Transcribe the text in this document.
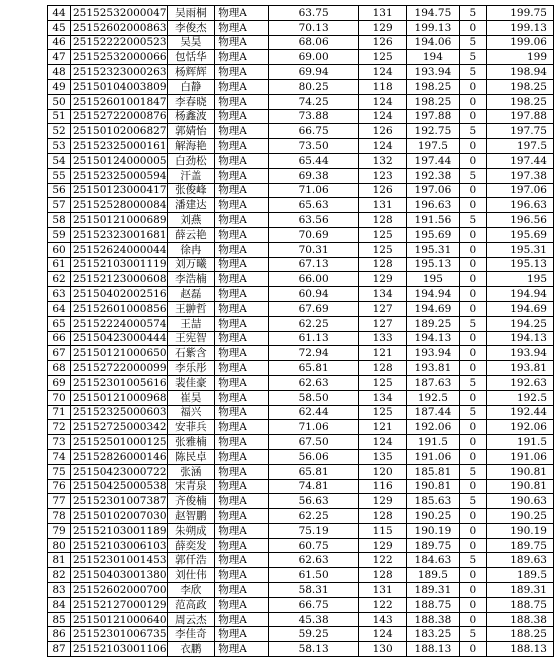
44	25152532000047	吴雨桐	物理A	63.75	131	194.75	5	199.75
45	25152602000863	李俊杰	物理A	70.13	129	199.13	0	199.13
46	25152222000523	吴昊	物理A	68.06	126	194.06	5	199.06
47	25152532000066	包恬华	物理A	69.00	125	194	5	199
48	25152323000263	杨辉辉	物理A	69.94	124	193.94	5	198.94
49	25150104003809	白静	物理A	80.25	118	198.25	0	198.25
50	25152601001847	李春晓	物理A	74.25	124	198.25	0	198.25
51	25152722000876	杨鑫波	物理A	73.88	124	197.88	0	197.88
52	25150102006827	郭婧怡	物理A	66.75	126	192.75	5	197.75
53	25152325000161	解海艳	物理A	73.50	124	197.5	0	197.5
54	25150124000005	白劲松	物理A	65.44	132	197.44	0	197.44
55	25152325000594	汗盖	物理A	69.38	123	192.38	5	197.38
56	25150123000417	张俊峰	物理A	71.06	126	197.06	0	197.06
57	25152528000084	潘建达	物理A	65.63	131	196.63	0	196.63
58	25150121000689	刘燕	物理A	63.56	128	191.56	5	196.56
59	25152323001681	薛云艳	物理A	70.69	125	195.69	0	195.69
60	25152624000044	徐冉	物理A	70.31	125	195.31	0	195.31
61	25152103001119	刘万曦	物理A	67.13	128	195.13	0	195.13
62	25152123000608	李浩楠	物理A	66.00	129	195	0	195
63	25150402002516	赵磊	物理A	60.94	134	194.94	0	194.94
64	25152601000856	王翀哲	物理A	67.69	127	194.69	0	194.69
65	25152224000574	王喆	物理A	62.25	127	189.25	5	194.25
66	25150423000444	王宪智	物理A	61.13	133	194.13	0	194.13
67	25150121000650	石紫含	物理A	72.94	121	193.94	0	193.94
68	25152722000099	李乐彤	物理A	65.81	128	193.81	0	193.81
69	25152301005616	裴佳豪	物理A	62.63	125	187.63	5	192.63
70	25150121000968	崔昊	物理A	58.50	134	192.5	0	192.5
71	25152325000603	福兴	物理A	62.44	125	187.44	5	192.44
72	25152725000342	安菲兵	物理A	71.06	121	192.06	0	192.06
73	25152501000125	张雅楠	物理A	67.50	124	191.5	0	191.5
74	25152826000146	陈民卓	物理A	56.06	135	191.06	0	191.06
75	25150423000722	张涵	物理A	65.81	120	185.81	5	190.81
76	25150425000538	宋青泉	物理A	74.81	116	190.81	0	190.81
77	25152301007387	齐俊楠	物理A	56.63	129	185.63	5	190.63
78	25150102007030	赵智鹏	物理A	62.25	128	190.25	0	190.25
79	25152103001189	朱朔成	物理A	75.19	115	190.19	0	190.19
80	25152103006103	薛奕发	物理A	60.75	129	189.75	0	189.75
81	25152301001453	郭仟浩	物理A	62.63	122	184.63	5	189.63
82	25150403001380	刘仕伟	物理A	61.50	128	189.5	0	189.5
83	25152602000700	李欣	物理A	58.31	131	189.31	0	189.31
84	25152127000129	范高政	物理A	66.75	122	188.75	0	188.75
85	25150121000640	周云杰	物理A	45.38	143	188.38	0	188.38
86	25152301006735	李佳奇	物理A	59.25	124	183.25	5	188.25
87	25152103001106	衣鹏	物理A	58.13	130	188.13	0	188.13
